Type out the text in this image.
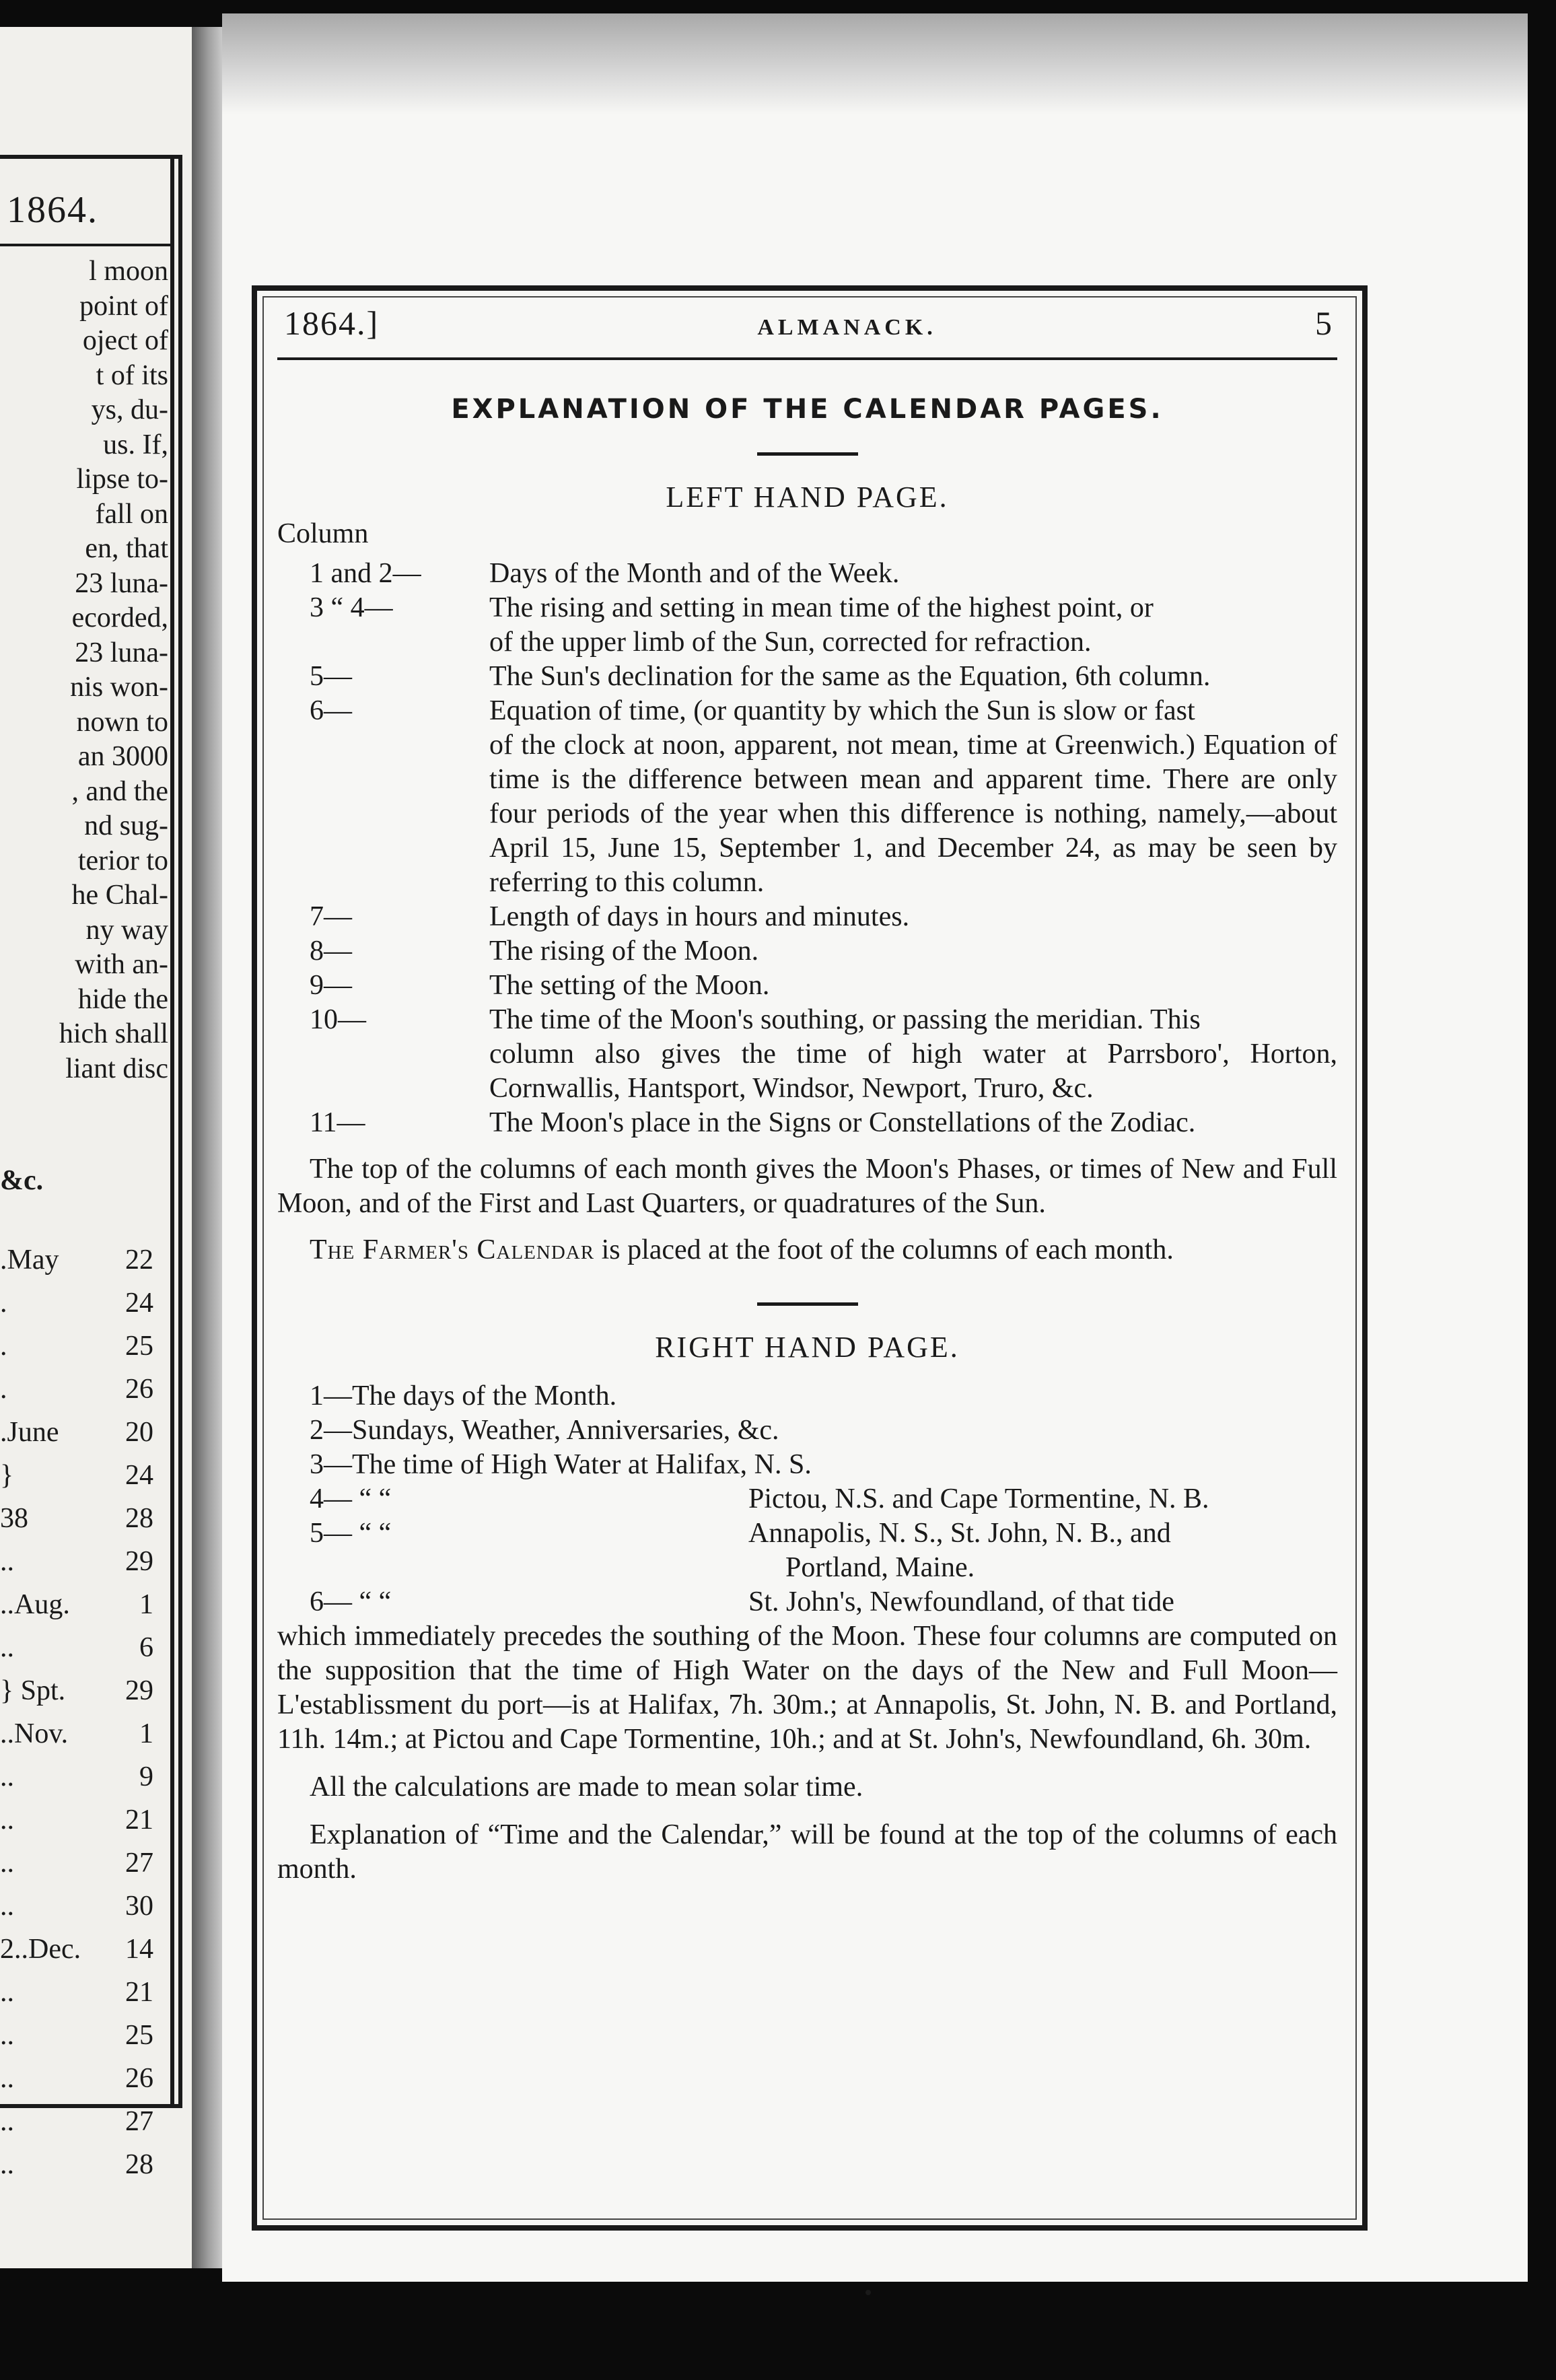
1864.
l moon
point of
oject of
t of its
ys, du-
us. If,
lipse to-
fall on
en, that
23 luna-
ecorded,
23 luna-
nis won-
nown to
an 3000
, and the
nd sug-
terior to
he Chal-
ny way
with an-
hide the
hich shall
liant disc
&c.
.May 22
.	24
.	25
.	26
.June 20
}	24
38	28
..	29
..Aug. 1
..	6
} Spt. 29
..Nov.	1
..	9
..	21
..	27
..	30
2..Dec. 14
..	21
..	25
..	26
..	27
..	28
1864.]	ALMANACK.	5
EXPLANATION OF THE CALENDAR PAGES.
LEFT HAND PAGE.
Column
1 and 2—	Days of the Month and of the Week.
3 “ 4—	The rising and setting in mean time of the highest point, or
of the upper limb of the Sun, corrected for refraction.
5—	The Sun's declination for the same as the Equation, 6th column.
6—	Equation of time, (or quantity by which the Sun is slow or fast
of the clock at noon, apparent, not mean, time at Greenwich.) Equation of time is the difference between mean and apparent time. There are only four periods of the year when this difference is nothing, namely,—about April 15, June 15, September 1, and December 24, as may be seen by referring to this column.
7—	Length of days in hours and minutes.
8—	The rising of the Moon.
9—	The setting of the Moon.
10—	The time of the Moon's southing, or passing the meridian. This
column also gives the time of high water at Parrsboro', Horton, Cornwallis, Hantsport, Windsor, Newport, Truro, &c.
11—	The Moon's place in the Signs or Constellations of the Zodiac.
The top of the columns of each month gives the Moon's Phases, or times of New and Full Moon, and of the First and Last Quarters, or quadratures of the Sun.
The Farmer's Calendar is placed at the foot of the columns of each month.
RIGHT HAND PAGE.
1—The days of the Month.
2—Sundays, Weather, Anniversaries, &c.
3—The time of High Water at Halifax, N. S.
4— “ “	Pictou, N.S. and Cape Tormentine, N. B.
5— “ “	Annapolis, N. S., St. John, N. B., and
Portland, Maine.
6— “ “	St. John's, Newfoundland, of that tide
which immediately precedes the southing of the Moon. These four columns are computed on the supposition that the time of High Water on the days of the New and Full Moon—L'establissment du port—is at Halifax, 7h. 30m.; at Annapolis, St. John, N. B. and Portland, 11h. 14m.; at Pictou and Cape Tormentine, 10h.; and at St. John's, Newfoundland, 6h. 30m.
All the calculations are made to mean solar time.
Explanation of “Time and the Calendar,” will be found at the top of the columns of each month.
